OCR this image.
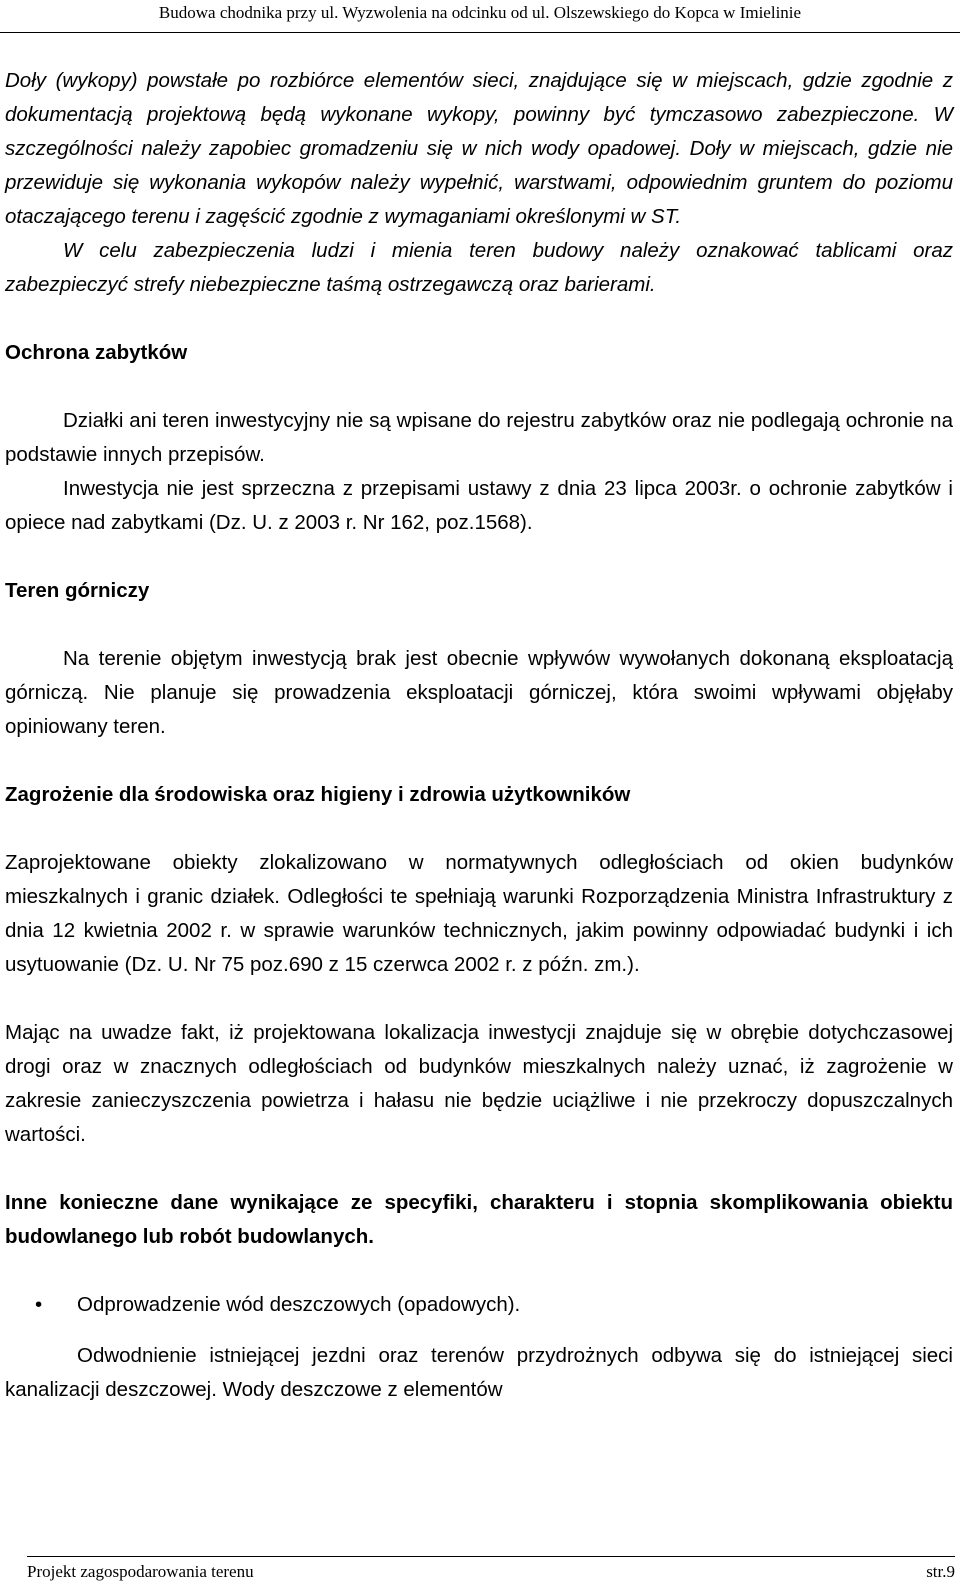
Budowa chodnika przy ul. Wyzwolenia na odcinku od ul. Olszewskiego do Kopca w Imielinie

Doły (wykopy) powstałe po rozbiórce elementów sieci, znajdujące się w miejscach, gdzie zgodnie z dokumentacją projektową będą wykonane wykopy, powinny być tymczasowo zabezpieczone. W szczególności należy zapobiec gromadzeniu się w nich wody opadowej. Doły w miejscach, gdzie nie przewiduje się wykonania wykopów należy wypełnić, warstwami, odpowiednim gruntem do poziomu otaczającego terenu i zagęścić zgodnie z wymaganiami określonymi w ST.

W celu zabezpieczenia ludzi i mienia teren budowy należy oznakować tablicami oraz zabezpieczyć strefy niebezpieczne taśmą ostrzegawczą oraz barierami.

Ochrona zabytków

Działki ani teren inwestycyjny nie są wpisane do rejestru zabytków oraz nie podlegają ochronie na podstawie innych przepisów.

Inwestycja nie jest sprzeczna z przepisami ustawy z dnia 23 lipca 2003r. o ochronie zabytków i opiece nad zabytkami (Dz. U. z 2003 r. Nr 162, poz.1568).

Teren górniczy

Na terenie objętym inwestycją brak jest obecnie wpływów wywołanych dokonaną eksploatacją górniczą. Nie planuje się prowadzenia eksploatacji górniczej, która swoimi wpływami objęłaby opiniowany teren.

Zagrożenie dla środowiska oraz higieny i zdrowia użytkowników

Zaprojektowane obiekty zlokalizowano w normatywnych odległościach od okien budynków mieszkalnych i granic działek. Odległości te spełniają warunki Rozporządzenia Ministra Infrastruktury z dnia 12 kwietnia 2002 r. w sprawie warunków technicznych, jakim powinny odpowiadać budynki i ich usytuowanie (Dz. U. Nr 75 poz.690 z 15 czerwca 2002 r. z późn. zm.).

Mając na uwadze fakt, iż projektowana lokalizacja inwestycji znajduje się w obrębie dotychczasowej drogi oraz w znacznych odległościach od budynków mieszkalnych należy uznać, iż zagrożenie w zakresie zanieczyszczenia powietrza i hałasu nie będzie uciążliwe i nie przekroczy dopuszczalnych wartości.

Inne konieczne dane wynikające ze specyfiki, charakteru i stopnia skomplikowania obiektu budowlanego lub robót budowlanych.
•	Odprowadzenie wód deszczowych (opadowych).

Odwodnienie istniejącej jezdni oraz terenów przydrożnych odbywa się do istniejącej sieci kanalizacji deszczowej. Wody deszczowe z elementów

Projekt zagospodarowania terenu	str.9
